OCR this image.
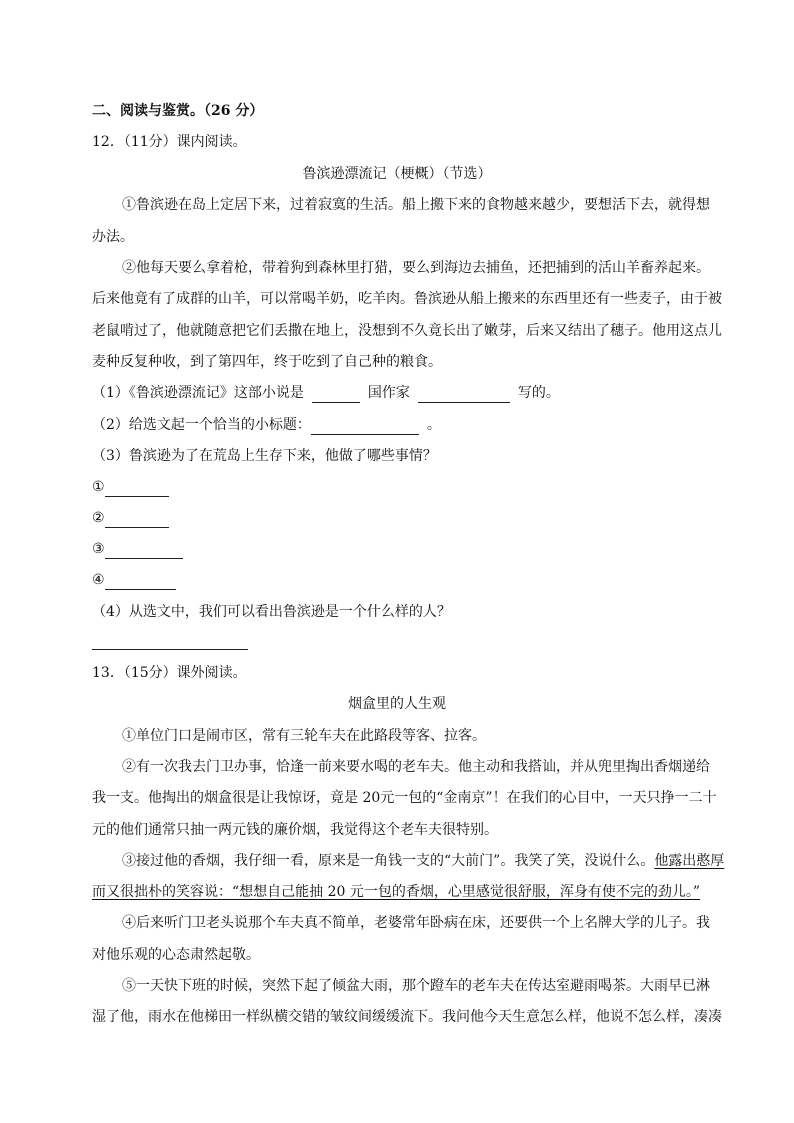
二、阅读与鉴赏。（26 分）
12．（11分）课内阅读。
鲁滨逊漂流记（梗概）（节选）
①鲁滨逊在岛上定居下来，过着寂寞的生活。船上搬下来的食物越来越少，要想活下去，就得想
办法。
②他每天要么拿着枪，带着狗到森林里打猎，要么到海边去捕鱼，还把捕到的活山羊畜养起来。
后来他竟有了成群的山羊，可以常喝羊奶，吃羊肉。鲁滨逊从船上搬来的东西里还有一些麦子，由于被
老鼠啃过了，他就随意把它们丢撒在地上，没想到不久竟长出了嫩芽，后来又结出了穗子。他用这点儿
麦种反复种收，到了第四年，终于吃到了自己种的粮食。
（1）《鲁滨逊漂流记》这部小说是	国作家	写的。
（2）给选文起一个恰当的小标题：	。
（3）鲁滨逊为了在荒岛上生存下来，他做了哪些事情？
①
②
③
④
（4）从选文中，我们可以看出鲁滨逊是一个什么样的人？
13．（15分）课外阅读。
烟盒里的人生观
①单位门口是闹市区，常有三轮车夫在此路段等客、拉客。
②有一次我去门卫办事，恰逢一前来要水喝的老车夫。他主动和我搭讪，并从兜里掏出香烟递给
我一支。他掏出的烟盒很是让我惊讶，竟是 20元一包的“金南京”！在我们的心目中，一天只挣一二十
元的他们通常只抽一两元钱的廉价烟，我觉得这个老车夫很特别。
③接过他的香烟，我仔细一看，原来是一角钱一支的“大前门”。我笑了笑，没说什么。他露出憨厚
而又很拙朴的笑容说：“想想自己能抽 20 元一包的香烟，心里感觉很舒服，浑身有使不完的劲儿。”
④后来听门卫老头说那个车夫真不简单，老婆常年卧病在床，还要供一个上名牌大学的儿子。我
对他乐观的心态肃然起敬。
⑤一天快下班的时候，突然下起了倾盆大雨，那个蹬车的老车夫在传达室避雨喝茶。大雨早已淋
湿了他，雨水在他梯田一样纵横交错的皱纹间缓缓流下。我问他今天生意怎么样，他说不怎么样，凑凑
